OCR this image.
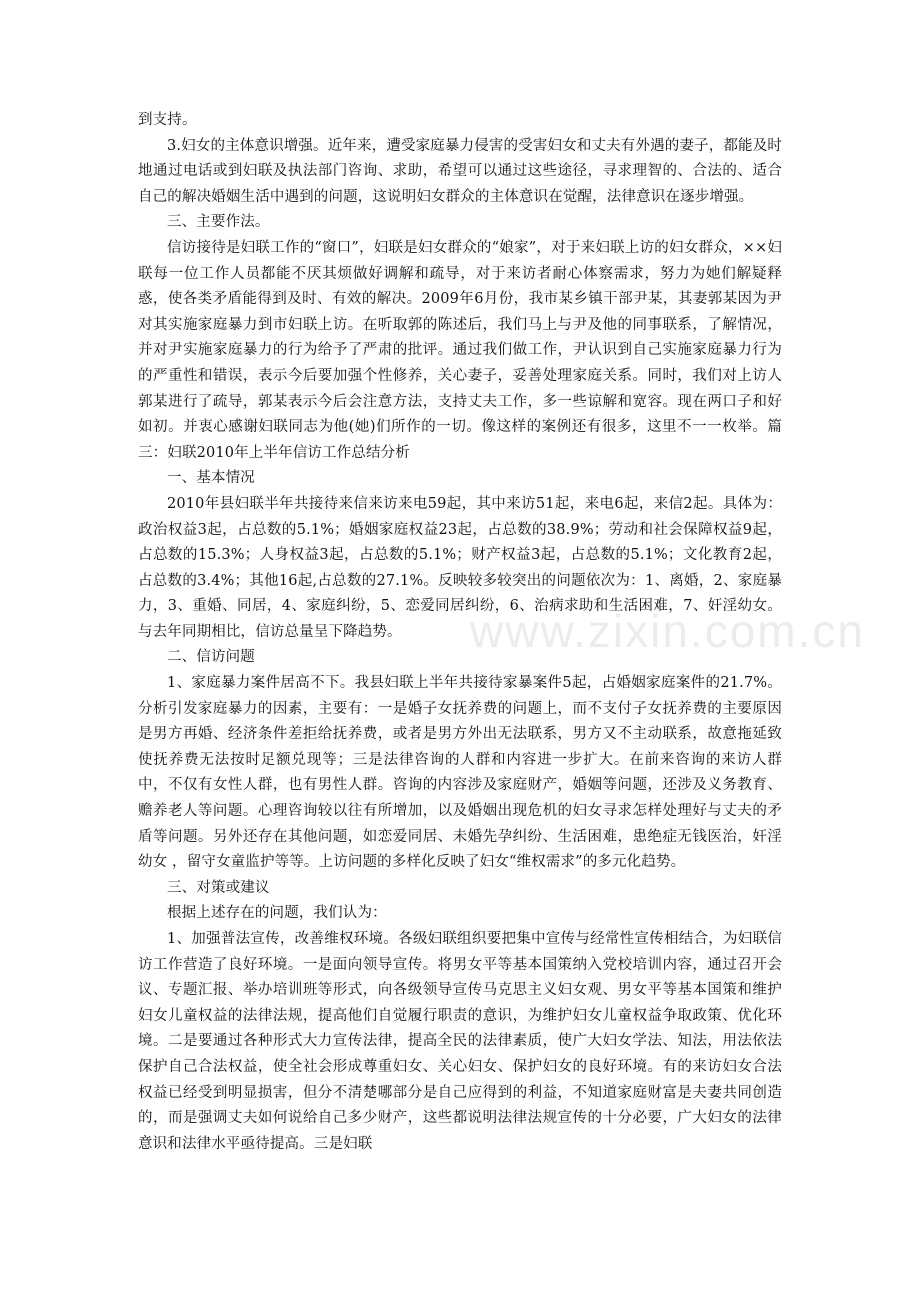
到支持。

3.妇女的主体意识增强。近年来，遭受家庭暴力侵害的受害妇女和丈夫有外遇的妻子，都能及时地通过电话或到妇联及执法部门咨询、求助，希望可以通过这些途径，寻求理智的、合法的、适合自己的解决婚姻生活中遇到的问题，这说明妇女群众的主体意识在觉醒，法律意识在逐步增强。

三、主要作法。

信访接待是妇联工作的“窗口”，妇联是妇女群众的“娘家”，对于来妇联上访的妇女群众，××妇联每一位工作人员都能不厌其烦做好调解和疏导，对于来访者耐心体察需求，努力为她们解疑释惑，使各类矛盾能得到及时、有效的解决。2009年6月份，我市某乡镇干部尹某，其妻郭某因为尹对其实施家庭暴力到市妇联上访。在听取郭的陈述后，我们马上与尹及他的同事联系，了解情况，并对尹实施家庭暴力的行为给予了严肃的批评。通过我们做工作，尹认识到自己实施家庭暴力行为的严重性和错误，表示今后要加强个性修养，关心妻子，妥善处理家庭关系。同时，我们对上访人郭某进行了疏导，郭某表示今后会注意方法，支持丈夫工作，多一些谅解和宽容。现在两口子和好如初。并衷心感谢妇联同志为他(她)们所作的一切。像这样的案例还有很多，这里不一一枚举。篇三：妇联2010年上半年信访工作总结分析

一、基本情况

2010年县妇联半年共接待来信来访来电59起，其中来访51起，来电6起，来信2起。具体为：政治权益3起，占总数的5.1%；婚姻家庭权益23起，占总数的38.9%；劳动和社会保障权益9起，占总数的15.3%；人身权益3起，占总数的5.1%；财产权益3起，占总数的5.1%；文化教育2起，占总数的3.4%；其他16起,占总数的27.1%。反映较多较突出的问题依次为：1、离婚，2、家庭暴力，3、重婚、同居，4、家庭纠纷，5、恋爱同居纠纷，6、治病求助和生活困难，7、奸淫幼女。与去年同期相比，信访总量呈下降趋势。

二、信访问题

1、家庭暴力案件居高不下。我县妇联上半年共接待家暴案件5起，占婚姻家庭案件的21.7%。分析引发家庭暴力的因素，主要有：一是婚子女抚养费的问题上，而不支付子女抚养费的主要原因是男方再婚、经济条件差拒给抚养费，或者是男方外出无法联系，男方又不主动联系，故意拖延致使抚养费无法按时足额兑现等；三是法律咨询的人群和内容进一步扩大。在前来咨询的来访人群中，不仅有女性人群，也有男性人群。咨询的内容涉及家庭财产，婚姻等问题，还涉及义务教育、赡养老人等问题。心理咨询较以往有所增加，以及婚姻出现危机的妇女寻求怎样处理好与丈夫的矛盾等问题。另外还存在其他问题，如恋爱同居、未婚先孕纠纷、生活困难，患绝症无钱医治，奸淫幼女 ，留守女童监护等等。上访问题的多样化反映了妇女“维权需求”的多元化趋势。

三、对策或建议

根据上述存在的问题，我们认为：

1、加强普法宣传，改善维权环境。各级妇联组织要把集中宣传与经常性宣传相结合，为妇联信访工作营造了良好环境。一是面向领导宣传。将男女平等基本国策纳入党校培训内容，通过召开会议、专题汇报、举办培训班等形式，向各级领导宣传马克思主义妇女观、男女平等基本国策和维护妇女儿童权益的法律法规，提高他们自觉履行职责的意识，为维护妇女儿童权益争取政策、优化环境。二是要通过各种形式大力宣传法律，提高全民的法律素质，使广大妇女学法、知法，用法依法保护自己合法权益，使全社会形成尊重妇女、关心妇女、保护妇女的良好环境。有的来访妇女合法权益已经受到明显损害，但分不清楚哪部分是自己应得到的利益，不知道家庭财富是夫妻共同创造的，而是强调丈夫如何说给自己多少财产，这些都说明法律法规宣传的十分必要，广大妇女的法律意识和法律水平亟待提高。三是妇联

www.zixin.com.cn
